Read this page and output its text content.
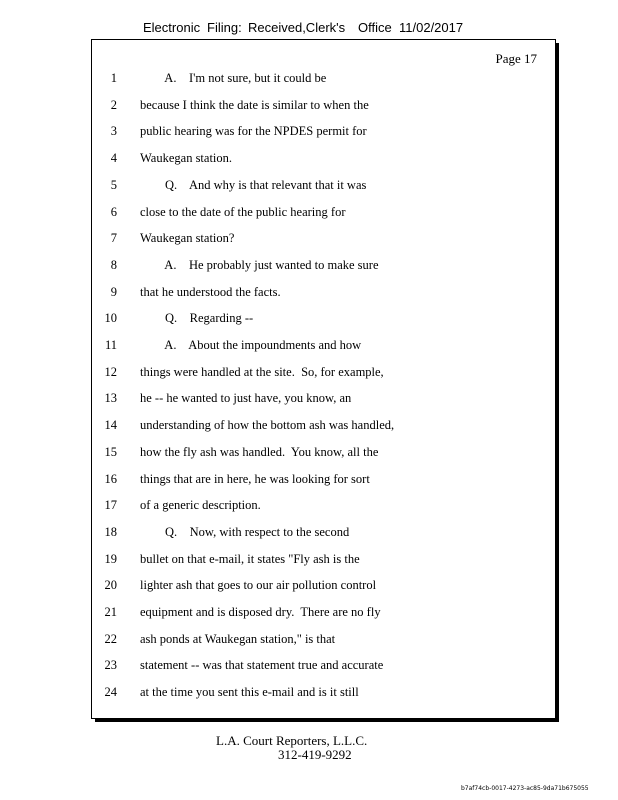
Electronic Filing: Received,Clerk's Office 11/02/2017
Page 17
1 A.    I'm not sure, but it could be
2 because I think the date is similar to when the
3 public hearing was for the NPDES permit for
4 Waukegan station.
5 Q.    And why is that relevant that it was
6 close to the date of the public hearing for
7 Waukegan station?
8 A.    He probably just wanted to make sure
9 that he understood the facts.
10 Q.    Regarding --
11 A.    About the impoundments and how
12 things were handled at the site.  So, for example,
13 he -- he wanted to just have, you know, an
14 understanding of how the bottom ash was handled,
15 how the fly ash was handled.  You know, all the
16 things that are in here, he was looking for sort
17 of a generic description.
18 Q.    Now, with respect to the second
19 bullet on that e-mail, it states "Fly ash is the
20 lighter ash that goes to our air pollution control
21 equipment and is disposed dry.  There are no fly
22 ash ponds at Waukegan station," is that
23 statement -- was that statement true and accurate
24 at the time you sent this e-mail and is it still
L.A. Court Reporters, L.L.C.
312-419-9292
b7af74cb-0017-4273-ac85-9da71b675055
